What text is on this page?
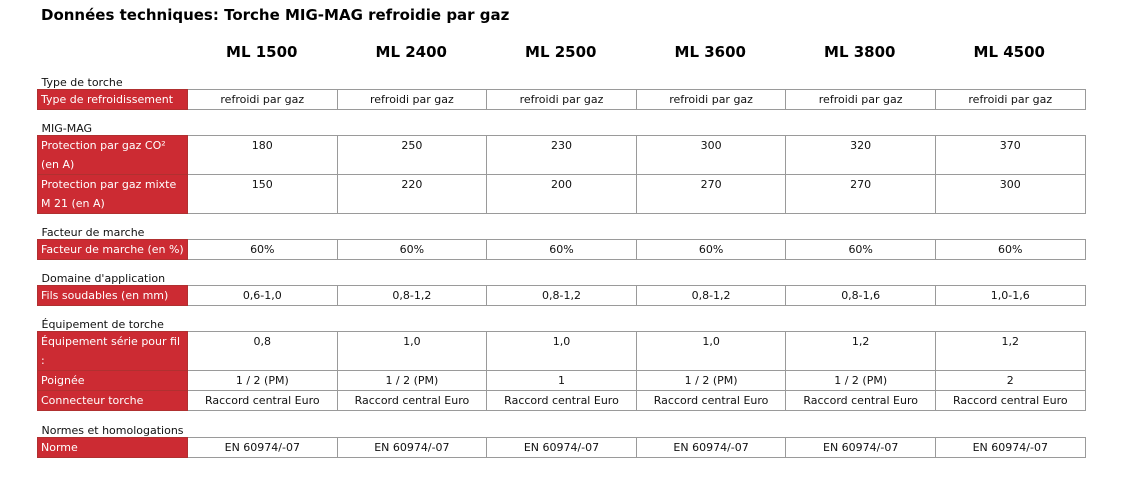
Données techniques: Torche MIG-MAG refroidie par gaz
ML 1500	ML 2400	ML 2500	ML 3600	ML 3800	ML 4500
Type de torche						
Type de refroidissement	refroidi par gaz	refroidi par gaz	refroidi par gaz	refroidi par gaz	refroidi par gaz	refroidi par gaz
MIG-MAG						
Protection par gaz CO²
(en A)	180	250	230	300	320	370
Protection par gaz mixte
M 21 (en A)	150	220	200	270	270	300
Facteur de marche						
Facteur de marche (en %)	60%	60%	60%	60%	60%	60%
Domaine d'application						
Fils soudables (en mm)	0,6-1,0	0,8-1,2	0,8-1,2	0,8-1,2	0,8-1,6	1,0-1,6
Équipement de torche						
Équipement série pour fil
:	0,8	1,0	1,0	1,0	1,2	1,2
Poignée	1 / 2 (PM)	1 / 2 (PM)	1	1 / 2 (PM)	1 / 2 (PM)	2
Connecteur torche	Raccord central Euro	Raccord central Euro	Raccord central Euro	Raccord central Euro	Raccord central Euro	Raccord central Euro
Normes et homologations						
Norme	EN 60974/-07	EN 60974/-07	EN 60974/-07	EN 60974/-07	EN 60974/-07	EN 60974/-07
